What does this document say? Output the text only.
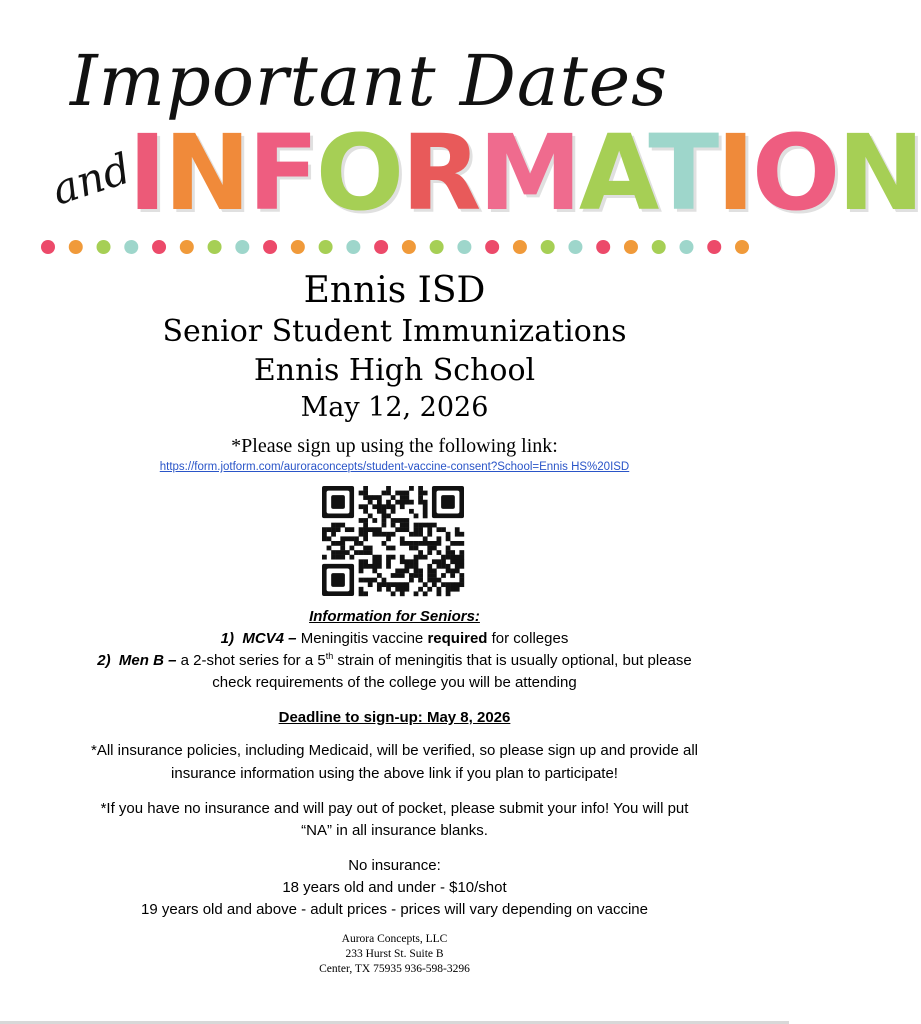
Important Dates
and
INFORMATION
Ennis ISD
Senior Student Immunizations
Ennis High School
May 12, 2026
*Please sign up using the following link:
https://form.jotform.com/auroraconcepts/student-vaccine-consent?School=Ennis HS%20ISD
Information for Seniors:
1) MCV4 – Meningitis vaccine required for colleges
2) Men B – a 2-shot series for a 5th strain of meningitis that is usually optional, but please
check requirements of the college you will be attending
Deadline to sign-up: May 8, 2026
*All insurance policies, including Medicaid, will be verified, so please sign up and provide all
insurance information using the above link if you plan to participate!
*If you have no insurance and will pay out of pocket, please submit your info! You will put
“NA” in all insurance blanks.
No insurance:
18 years old and under - $10/shot
19 years old and above - adult prices - prices will vary depending on vaccine
Aurora Concepts, LLC
233 Hurst St. Suite B
Center, TX 75935 936-598-3296
